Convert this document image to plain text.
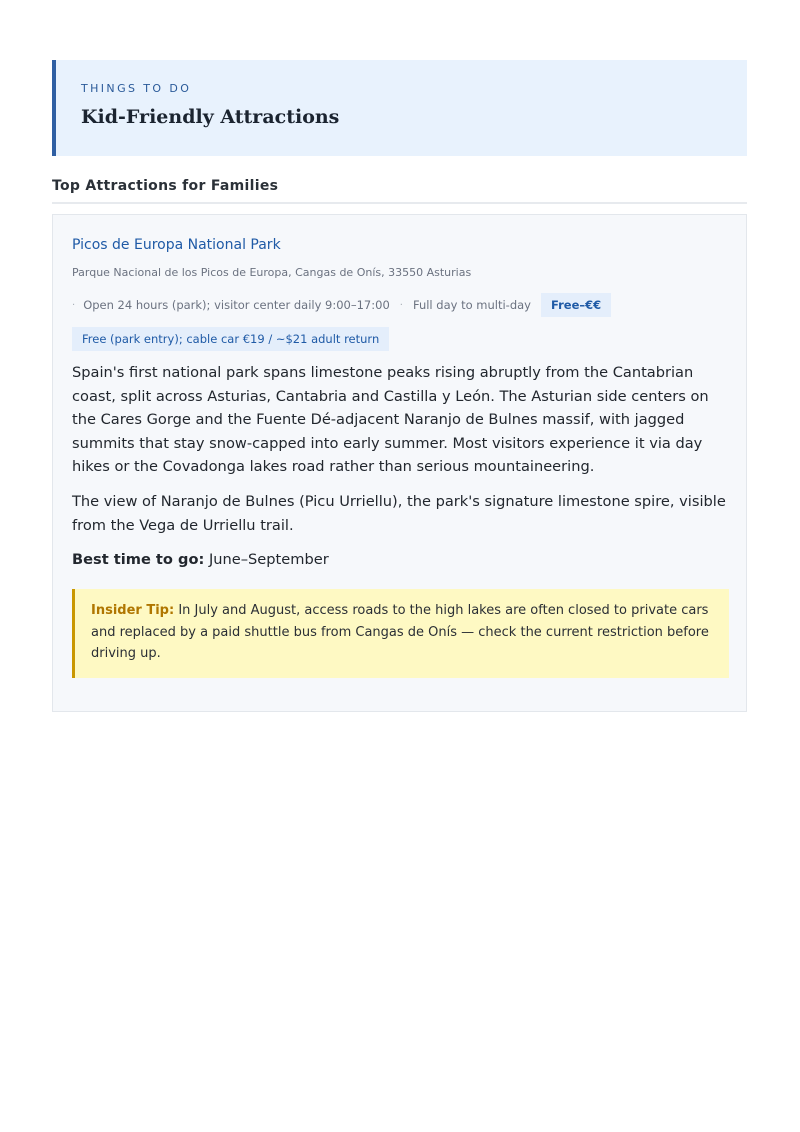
THINGS TO DO
Kid-Friendly Attractions
Top Attractions for Families
Picos de Europa National Park
Parque Nacional de los Picos de Europa, Cangas de Onís, 33550 Asturias
· Open 24 hours (park); visitor center daily 9:00–17:00 · Full day to multi-day	Free–€€
Free (park entry); cable car €19 / ~$21 adult return

Spain's first national park spans limestone peaks rising abruptly from the Cantabrian coast, split across Asturias, Cantabria and Castilla y León. The Asturian side centers on the Cares Gorge and the Fuente Dé-adjacent Naranjo de Bulnes massif, with jagged summits that stay snow-capped into early summer. Most visitors experience it via day hikes or the Covadonga lakes road rather than serious mountaineering.

The view of Naranjo de Bulnes (Picu Urriellu), the park's signature limestone spire, visible from the Vega de Urriellu trail.

Best time to go: June–September
Insider Tip: In July and August, access roads to the high lakes are often closed to private cars and replaced by a paid shuttle bus from Cangas de Onís — check the current restriction before driving up.
